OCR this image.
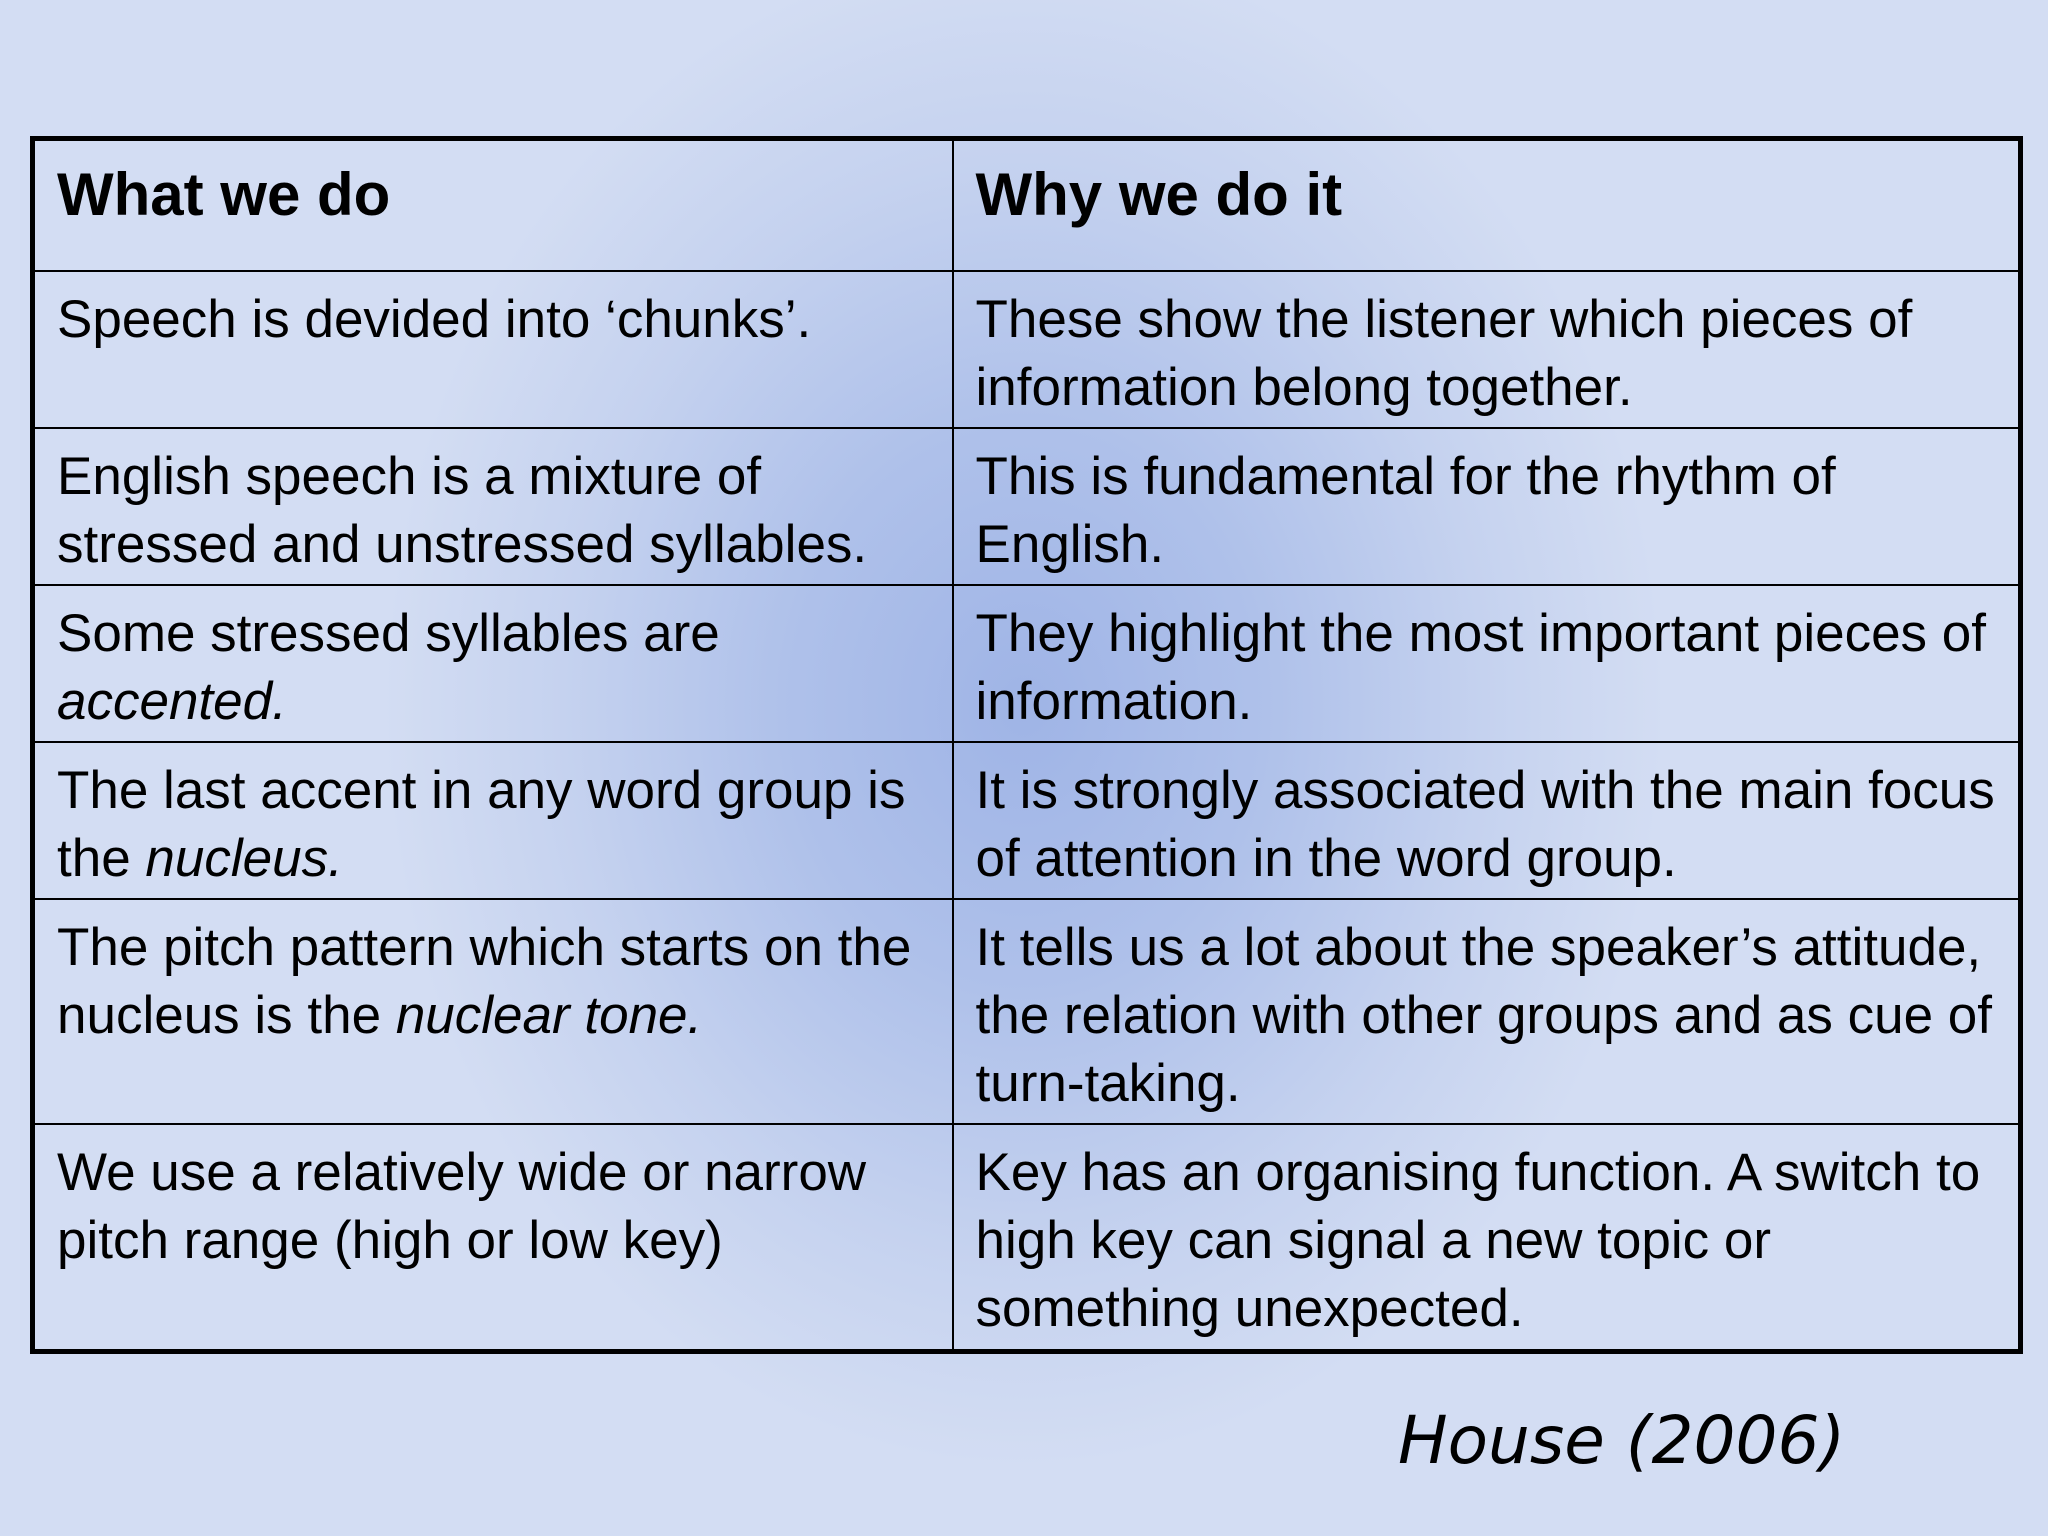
What we do	Why we do it
Speech is devided into ‘chunks’.	These show the listener which pieces of information belong together.
English speech is a mixture of stressed and unstressed syllables.	This is fundamental for the rhythm of English.
Some stressed syllables are accented.	They highlight the most important pieces of information.
The last accent in any word group is the nucleus.	It is strongly associated with the main focus of attention in the word group.
The pitch pattern which starts on the nucleus is the nuclear tone.	It tells us a lot about the speaker’s attitude, the relation with other groups and as cue of turn-taking.
We use a relatively wide or narrow pitch range (high or low key)	Key has an organising function. A switch to high key can signal a new topic or something unexpected.
House (2006)
